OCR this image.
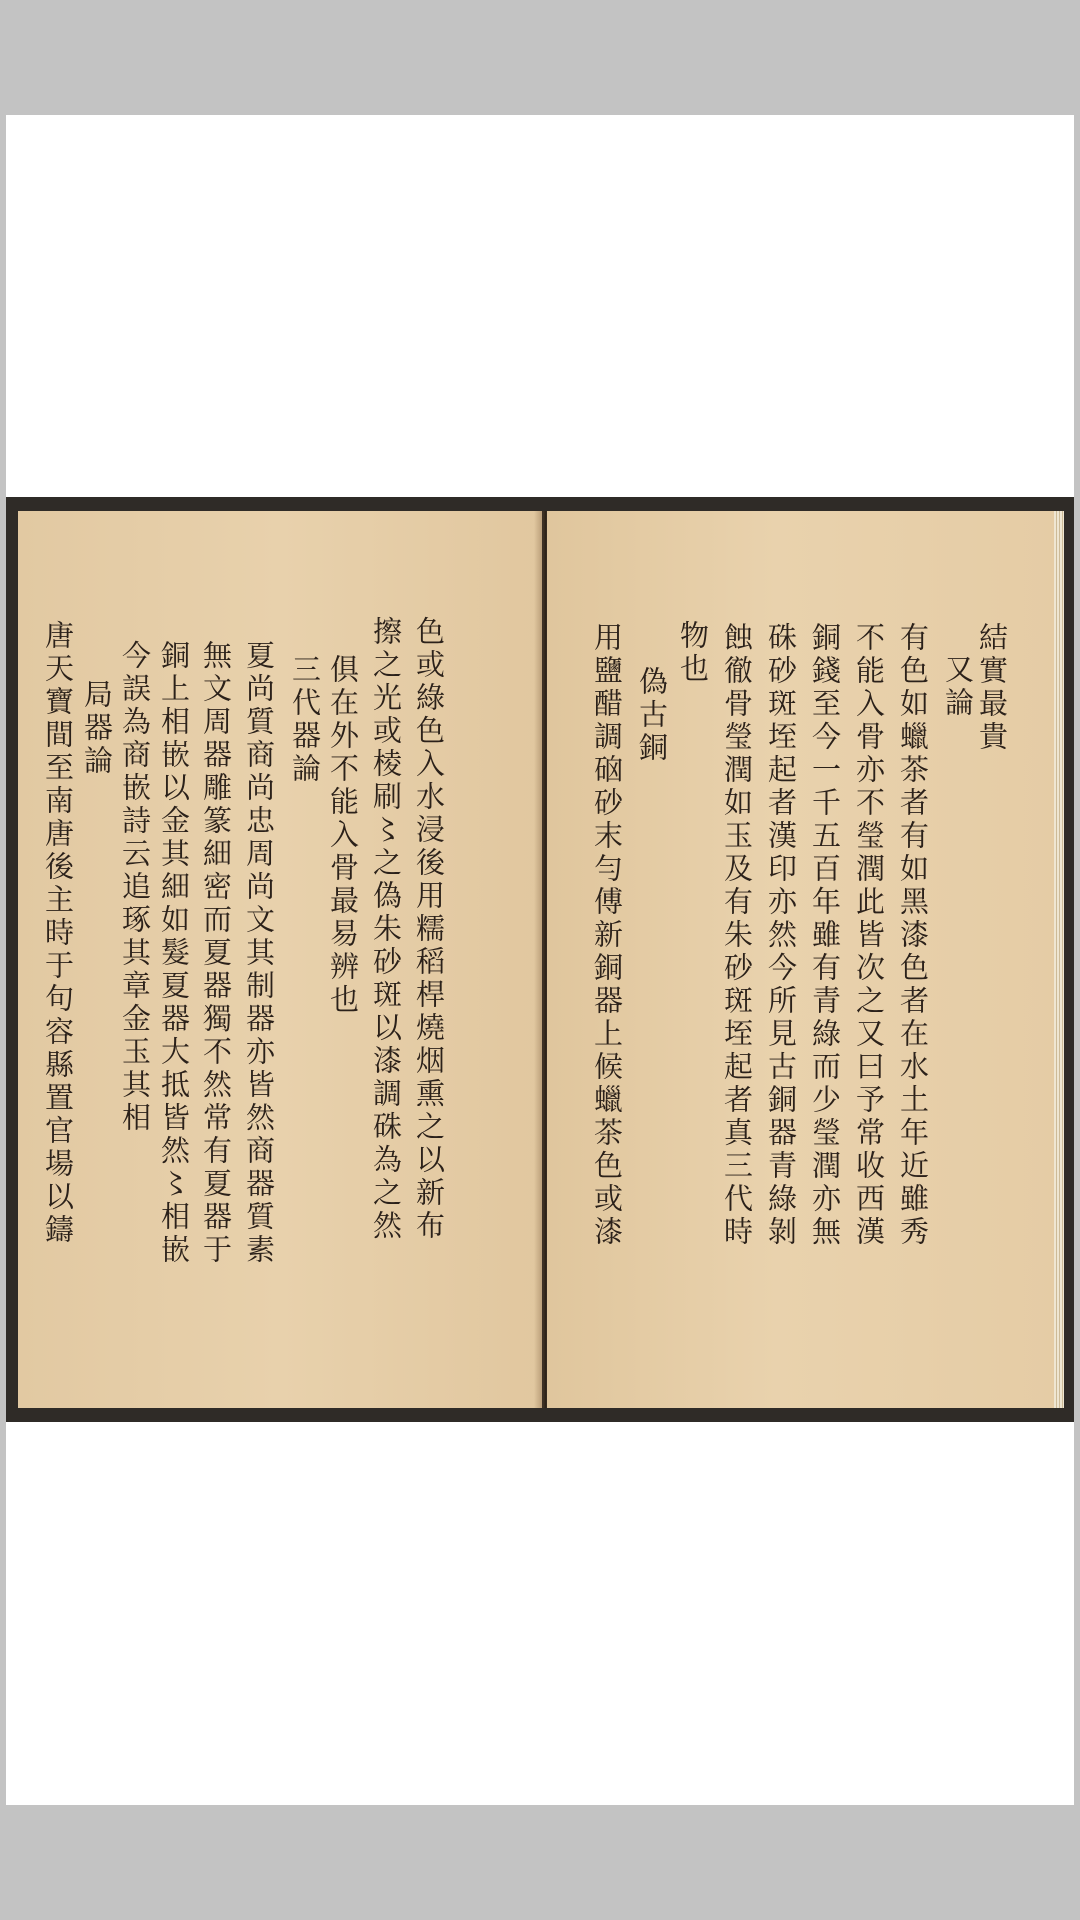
色或綠色入水浸後用糯稻桿燒烟熏之以新布
擦之光或棱刷〻之偽朱砂斑以漆調硃為之然
俱在外不能入骨最易辨也
三代器論
夏尚質商尚忠周尚文其制器亦皆然商器質素
無文周器雕篆細密而夏器獨不然常有夏器于
銅上相嵌以金其細如髮夏器大抵皆然〻相嵌
今誤為商嵌詩云追琢其章金玉其相
局器論
唐天寶間至南唐後主時于句容縣置官場以鑄	結實最貴
又論
有色如蠟茶者有如黑漆色者在水土年近雖秀
不能入骨亦不瑩潤此皆次之又曰予常收西漢
銅錢至今一千五百年雖有青綠而少瑩潤亦無
硃砂斑垤起者漢印亦然今所見古銅器青綠剝
蝕徹骨瑩潤如玉及有朱砂斑垤起者真三代時
物也
偽古銅
用鹽醋調硇砂末勻傅新銅器上候蠟茶色或漆
